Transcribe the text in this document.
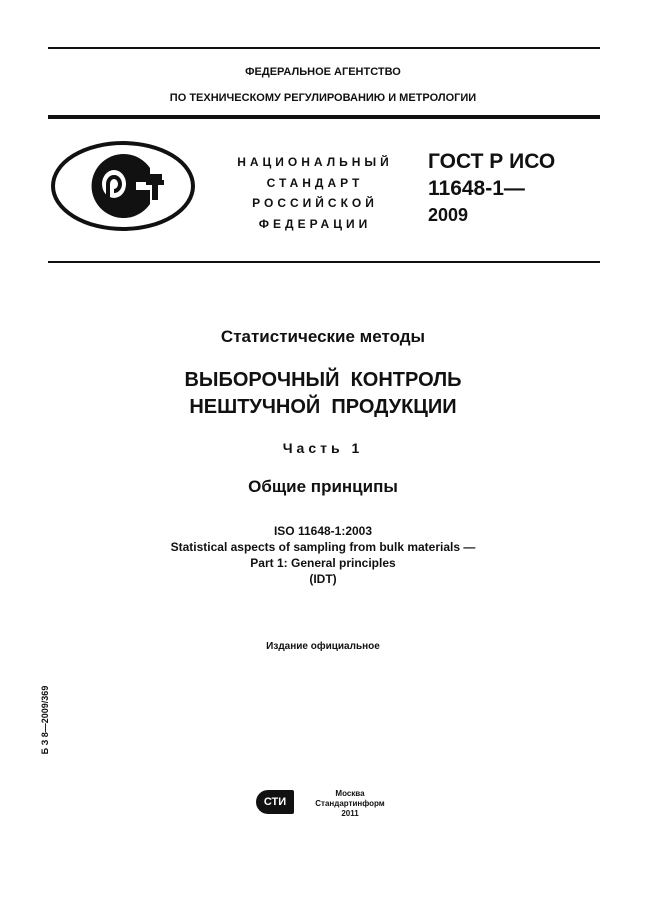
ФЕДЕРАЛЬНОЕ АГЕНТСТВО
ПО ТЕХНИЧЕСКОМУ РЕГУЛИРОВАНИЮ И МЕТРОЛОГИИ
НАЦИОНАЛЬНЫЙ
СТАНДАРТ
РОССИЙСКОЙ
ФЕДЕРАЦИИ
ГОСТ Р ИСО
11648-1—
2009
Статистические методы
ВЫБОРОЧНЫЙ  КОНТРОЛЬ
НЕШТУЧНОЙ  ПРОДУКЦИИ
Часть 1
Общие принципы
ISO 11648-1:2003
Statistical aspects of sampling from bulk materials —
Part 1: General principles
(IDT)
Издание официальное
Б З 8—2009/369
СТИ
Москва
Стандартинформ
2011
